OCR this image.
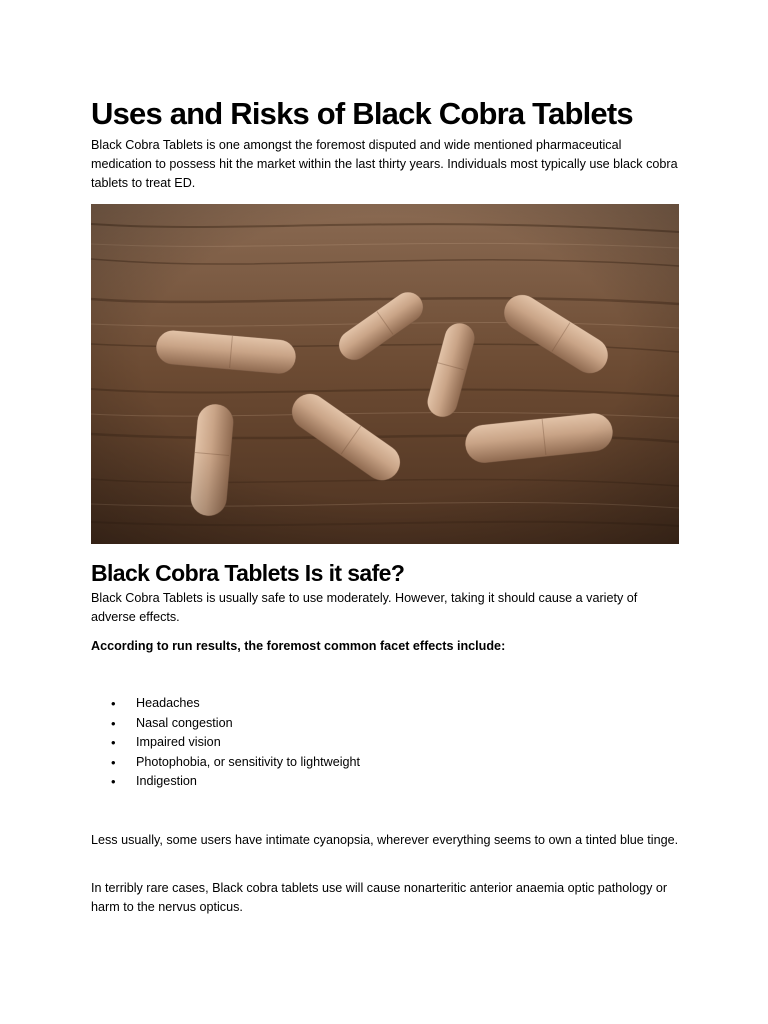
Uses and Risks of Black Cobra Tablets

Black Cobra Tablets is one amongst the foremost disputed and wide mentioned pharmaceutical medication to possess hit the market within the last thirty years. Individuals most typically use black cobra tablets to treat ED.

Black Cobra Tablets Is it safe?

Black Cobra Tablets is usually safe to use moderately. However, taking it should cause a variety of adverse effects.

According to run results, the foremost common facet effects include:

• Headaches
• Nasal congestion
• Impaired vision
• Photophobia, or sensitivity to lightweight
• Indigestion

Less usually, some users have intimate cyanopsia, wherever everything seems to own a tinted blue tinge.

In terribly rare cases, Black cobra tablets use will cause nonarteritic anterior anaemia optic pathology or harm to the nervus opticus.
